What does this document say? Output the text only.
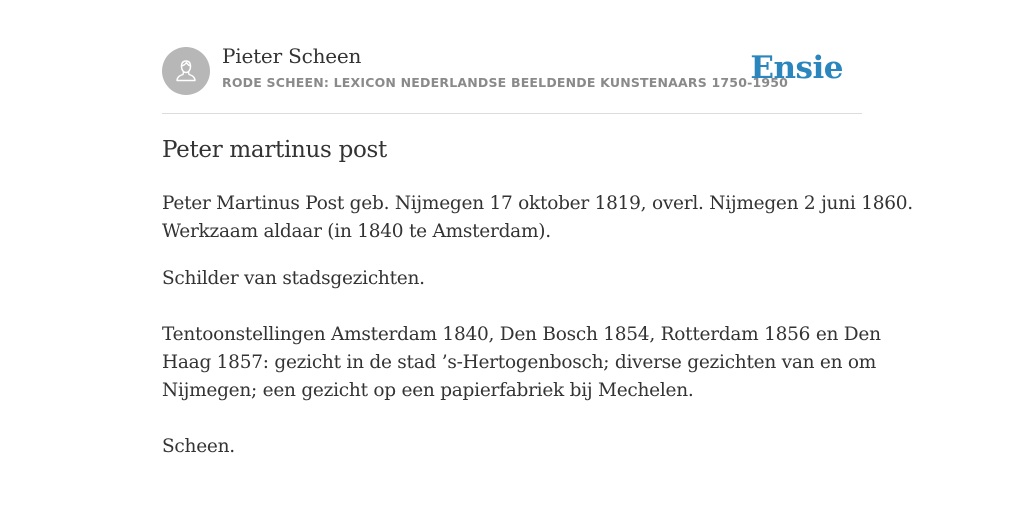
Pieter Scheen
RODE SCHEEN: LEXICON NEDERLANDSE BEELDENDE KUNSTENAARS 1750-1950
Ensie
Peter martinus post

Peter Martinus Post geb. Nijmegen 17 oktober 1819, overl. Nijmegen 2 juni 1860.
Werkzaam aldaar (in 1840 te Amsterdam).

Schilder van stadsgezichten.

Tentoonstellingen Amsterdam 1840, Den Bosch 1854, Rotterdam 1856 en Den
Haag 1857: gezicht in de stad ’s-Hertogenbosch; diverse gezichten van en om
Nijmegen; een gezicht op een papierfabriek bij Mechelen.

Scheen.
